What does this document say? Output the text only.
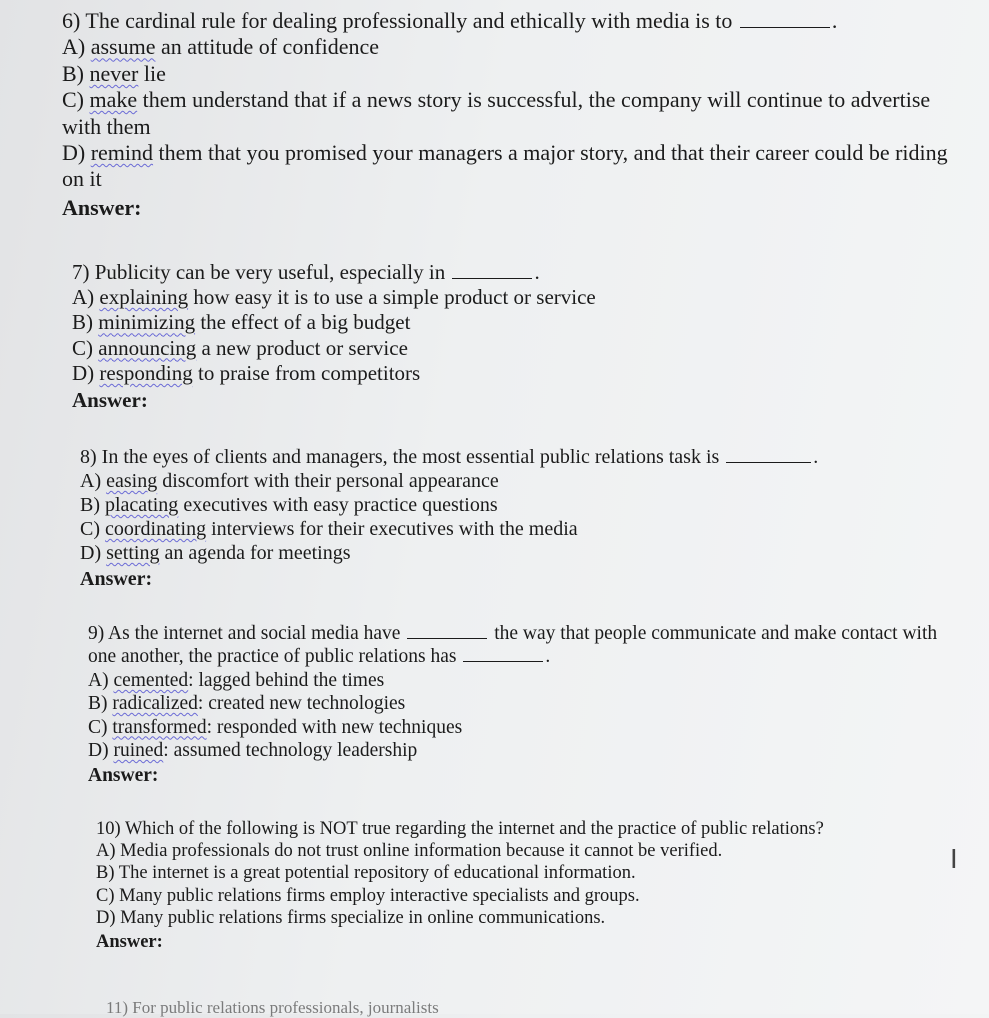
6) The cardinal rule for dealing professionally and ethically with media is to	.
A) assume an attitude of confidence
B) never lie
C) make them understand that if a news story is successful, the company will continue to advertise with them
D) remind them that you promised your managers a major story, and that their career could be riding on it
Answer:
7) Publicity can be very useful, especially in	.
A) explaining how easy it is to use a simple product or service
B) minimizing the effect of a big budget
C) announcing a new product or service
D) responding to praise from competitors
Answer:
8) In the eyes of clients and managers, the most essential public relations task is	.
A) easing discomfort with their personal appearance
B) placating executives with easy practice questions
C) coordinating interviews for their executives with the media
D) setting an agenda for meetings
Answer:
9) As the internet and social media have	the way that people communicate and make contact with one another, the practice of public relations has	.
A) cemented: lagged behind the times
B) radicalized: created new technologies
C) transformed: responded with new techniques
D) ruined: assumed technology leadership
Answer:
10) Which of the following is NOT true regarding the internet and the practice of public relations?
A) Media professionals do not trust online information because it cannot be verified.
B) The internet is a great potential repository of educational information.
C) Many public relations firms employ interactive specialists and groups.
D) Many public relations firms specialize in online communications.
Answer:
11) For public relations professionals, journalists
I
